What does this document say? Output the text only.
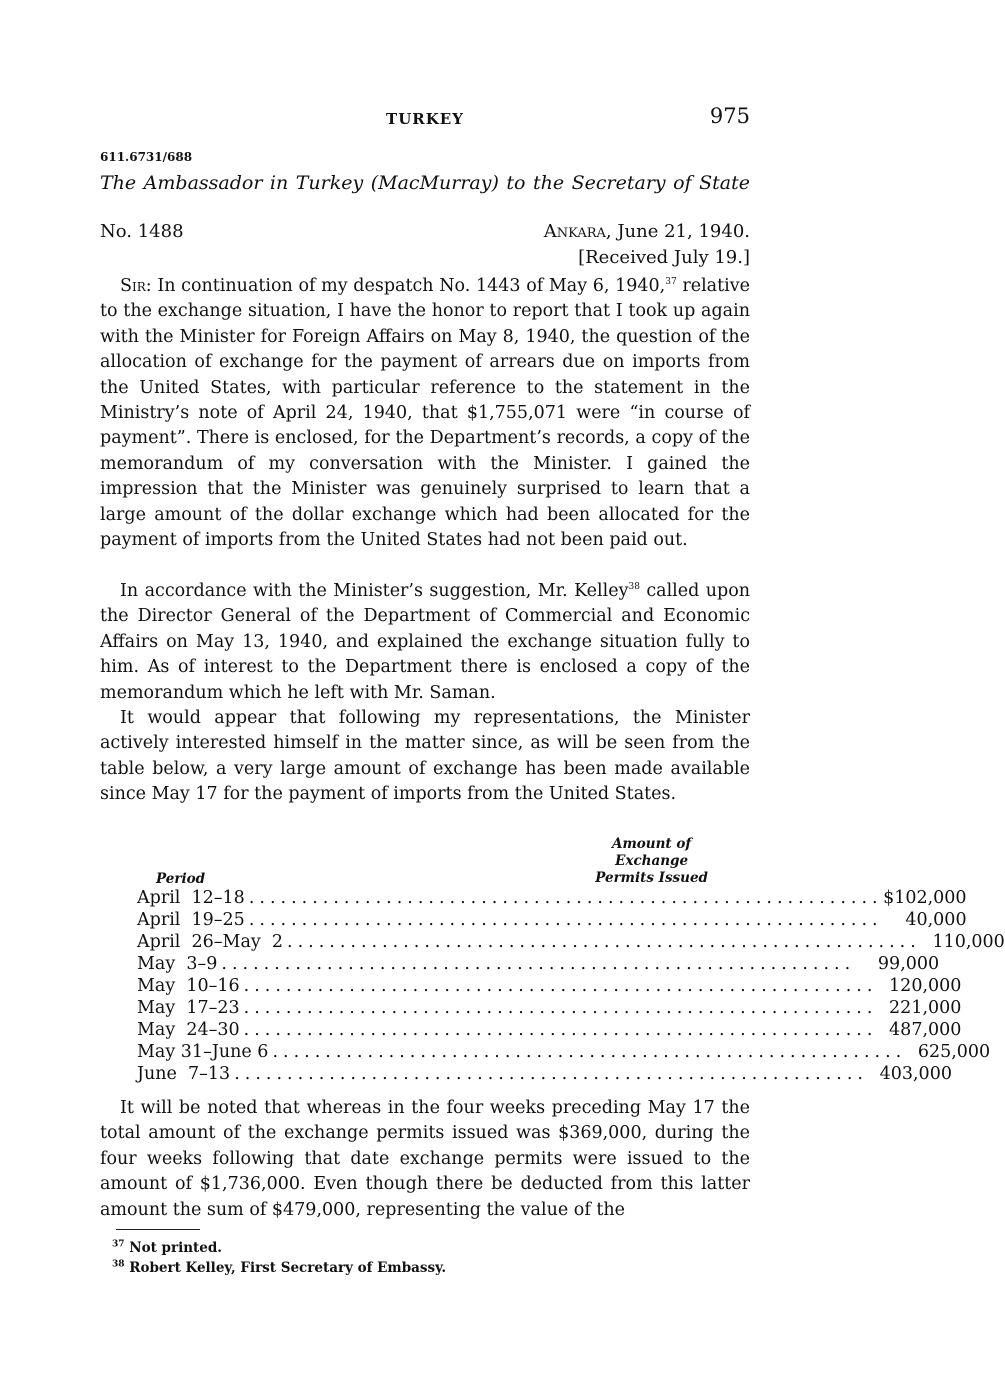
TURKEY	975
611.6731/688
The Ambassador in Turkey (MacMurray) to the Secretary of State
No. 1488	Ankara, June 21, 1940.
[Received July 19.]

Sir: In continuation of my despatch No. 1443 of May 6, 1940,37 relative to the exchange situation, I have the honor to report that I took up again with the Minister for Foreign Affairs on May 8, 1940, the question of the allocation of exchange for the payment of arrears due on imports from the United States, with particular reference to the statement in the Ministry’s note of April 24, 1940, that $1,755,071 were “in course of payment”. There is enclosed, for the Department’s records, a copy of the memorandum of my conversation with the Minister. I gained the impression that the Minister was genuinely surprised to learn that a large amount of the dollar exchange which had been allocated for the payment of imports from the United States had not been paid out.

In accordance with the Minister’s suggestion, Mr. Kelley$^{38}$ called upon the Director General of the Department of Commercial and Economic Affairs on May 13, 1940, and explained the exchange situation fully to him. As of interest to the Department there is enclosed a copy of the memorandum which he left with Mr. Saman.

It would appear that following my representations, the Minister actively interested himself in the matter since, as will be seen from the table below, a very large amount of exchange has been made available since May 17 for the payment of imports from the United States.

Period
Amount of
Exchange
Permits Issued
April  12–18 ............................................................ $102,000
April  19–25 ............................................................	40,000
April  26–May  2 ............................................................ 110,000
May  3–9 ............................................................	99,000
May  10–16 ............................................................ 120,000
May  17–23 ............................................................ 221,000
May  24–30 ............................................................ 487,000
May 31–June 6 ............................................................ 625,000
June  7–13 ............................................................ 403,000

It will be noted that whereas in the four weeks preceding May 17 the total amount of the exchange permits issued was $369,000, during the four weeks following that date exchange permits were issued to the amount of $1,736,000. Even though there be deducted from this latter amount the sum of $479,000, representing the value of the

$^{37}$ Not printed.
$^{38}$ Robert Kelley, First Secretary of Embassy.
